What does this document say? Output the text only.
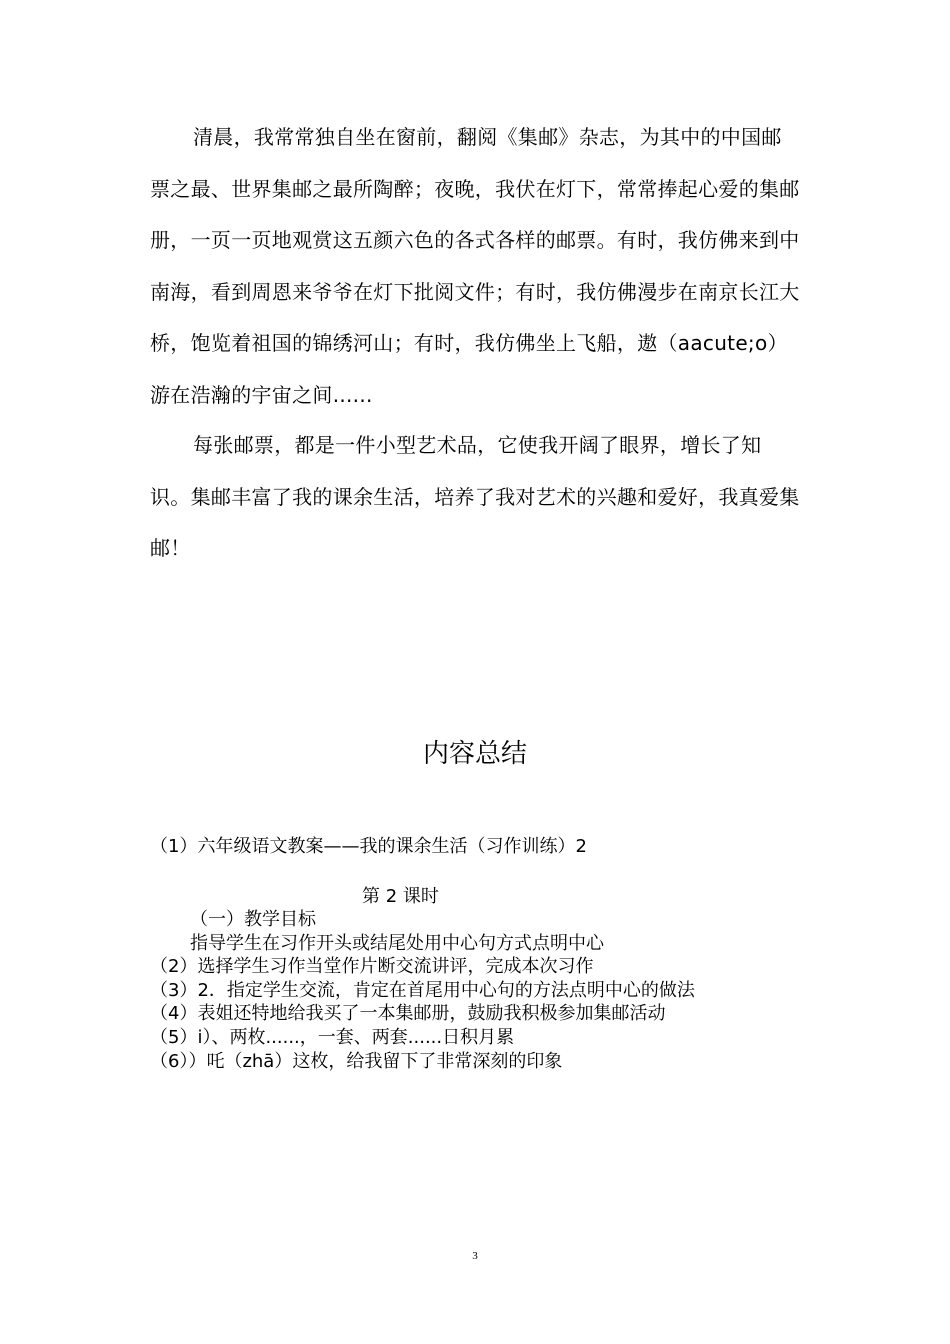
清晨，我常常独自坐在窗前，翻阅《集邮》杂志，为其中的中国邮票之最、世界集邮之最所陶醉；夜晚，我伏在灯下，常常捧起心爱的集邮册，一页一页地观赏这五颜六色的各式各样的邮票。有时，我仿佛来到中南海，看到周恩来爷爷在灯下批阅文件；有时，我仿佛漫步在南京长江大桥，饱览着祖国的锦绣河山；有时，我仿佛坐上飞船，遨（aacute;o）游在浩瀚的宇宙之间......

每张邮票，都是一件小型艺术品，它使我开阔了眼界，增长了知识。集邮丰富了我的课余生活，培养了我对艺术的兴趣和爱好，我真爱集邮！

内容总结
（1）六年级语文教案——我的课余生活（习作训练）2
第 2 课时
（一）教学目标
指导学生在习作开头或结尾处用中心句方式点明中心
（2）选择学生习作当堂作片断交流讲评，完成本次习作
（3）2．指定学生交流，肯定在首尾用中心句的方法点明中心的做法
（4）表姐还特地给我买了一本集邮册，鼓励我积极参加集邮活动
（5）i）、两枚......，一套、两套......日积月累
（6））吒（zhā）这枚，给我留下了非常深刻的印象
3
